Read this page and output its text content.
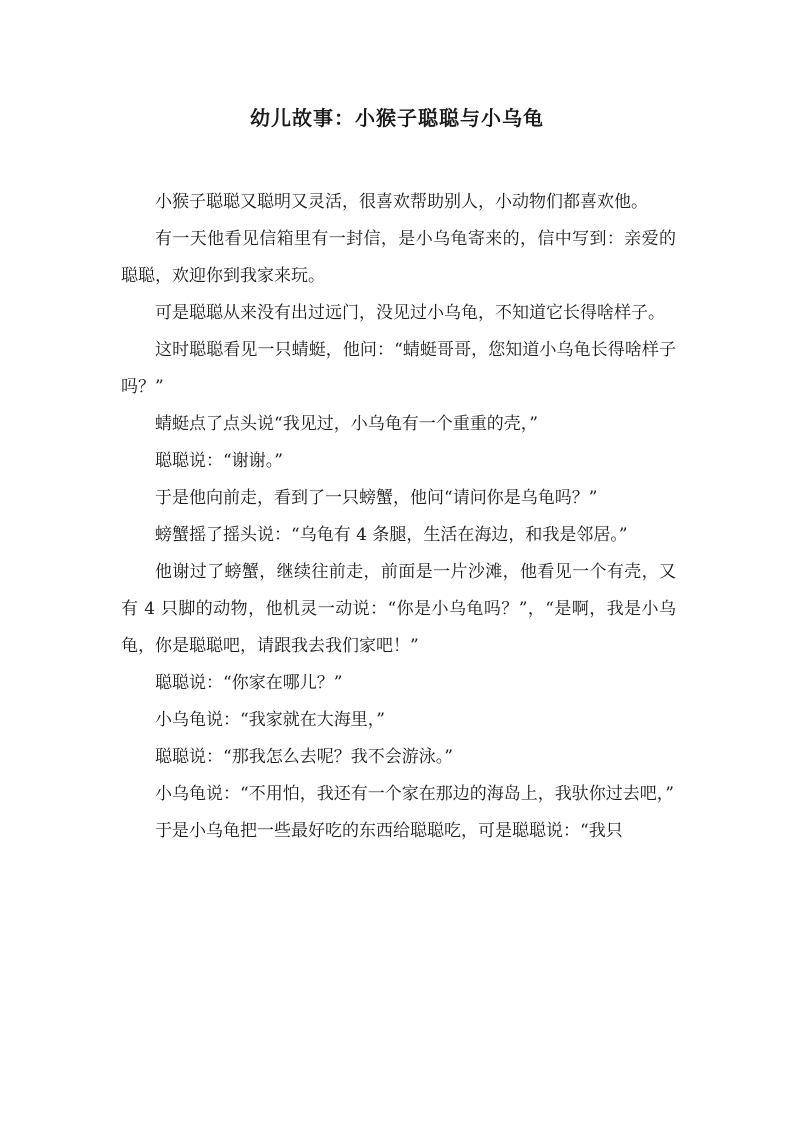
幼儿故事：小猴子聪聪与小乌龟

小猴子聪聪又聪明又灵活，很喜欢帮助别人，小动物们都喜欢他。

有一天他看见信箱里有一封信，是小乌龟寄来的，信中写到：亲爱的聪聪，欢迎你到我家来玩。

可是聪聪从来没有出过远门，没见过小乌龟，不知道它长得啥样子。

这时聪聪看见一只蜻蜓，他问：“蜻蜓哥哥，您知道小乌龟长得啥样子吗？”

蜻蜓点了点头说“我见过，小乌龟有一个重重的壳，”

聪聪说：“谢谢。”

于是他向前走，看到了一只螃蟹，他问“请问你是乌龟吗？”

螃蟹摇了摇头说：“乌龟有 4 条腿，生活在海边，和我是邻居。”

他谢过了螃蟹，继续往前走，前面是一片沙滩，他看见一个有壳，又有 4 只脚的动物，他机灵一动说：“你是小乌龟吗？”，“是啊，我是小乌龟，你是聪聪吧，请跟我去我们家吧！”

聪聪说：“你家在哪儿？”

小乌龟说：“我家就在大海里，”

聪聪说：“那我怎么去呢？我不会游泳。”

小乌龟说：“不用怕，我还有一个家在那边的海岛上，我驮你过去吧，”

于是小乌龟把一些最好吃的东西给聪聪吃，可是聪聪说：“我只
